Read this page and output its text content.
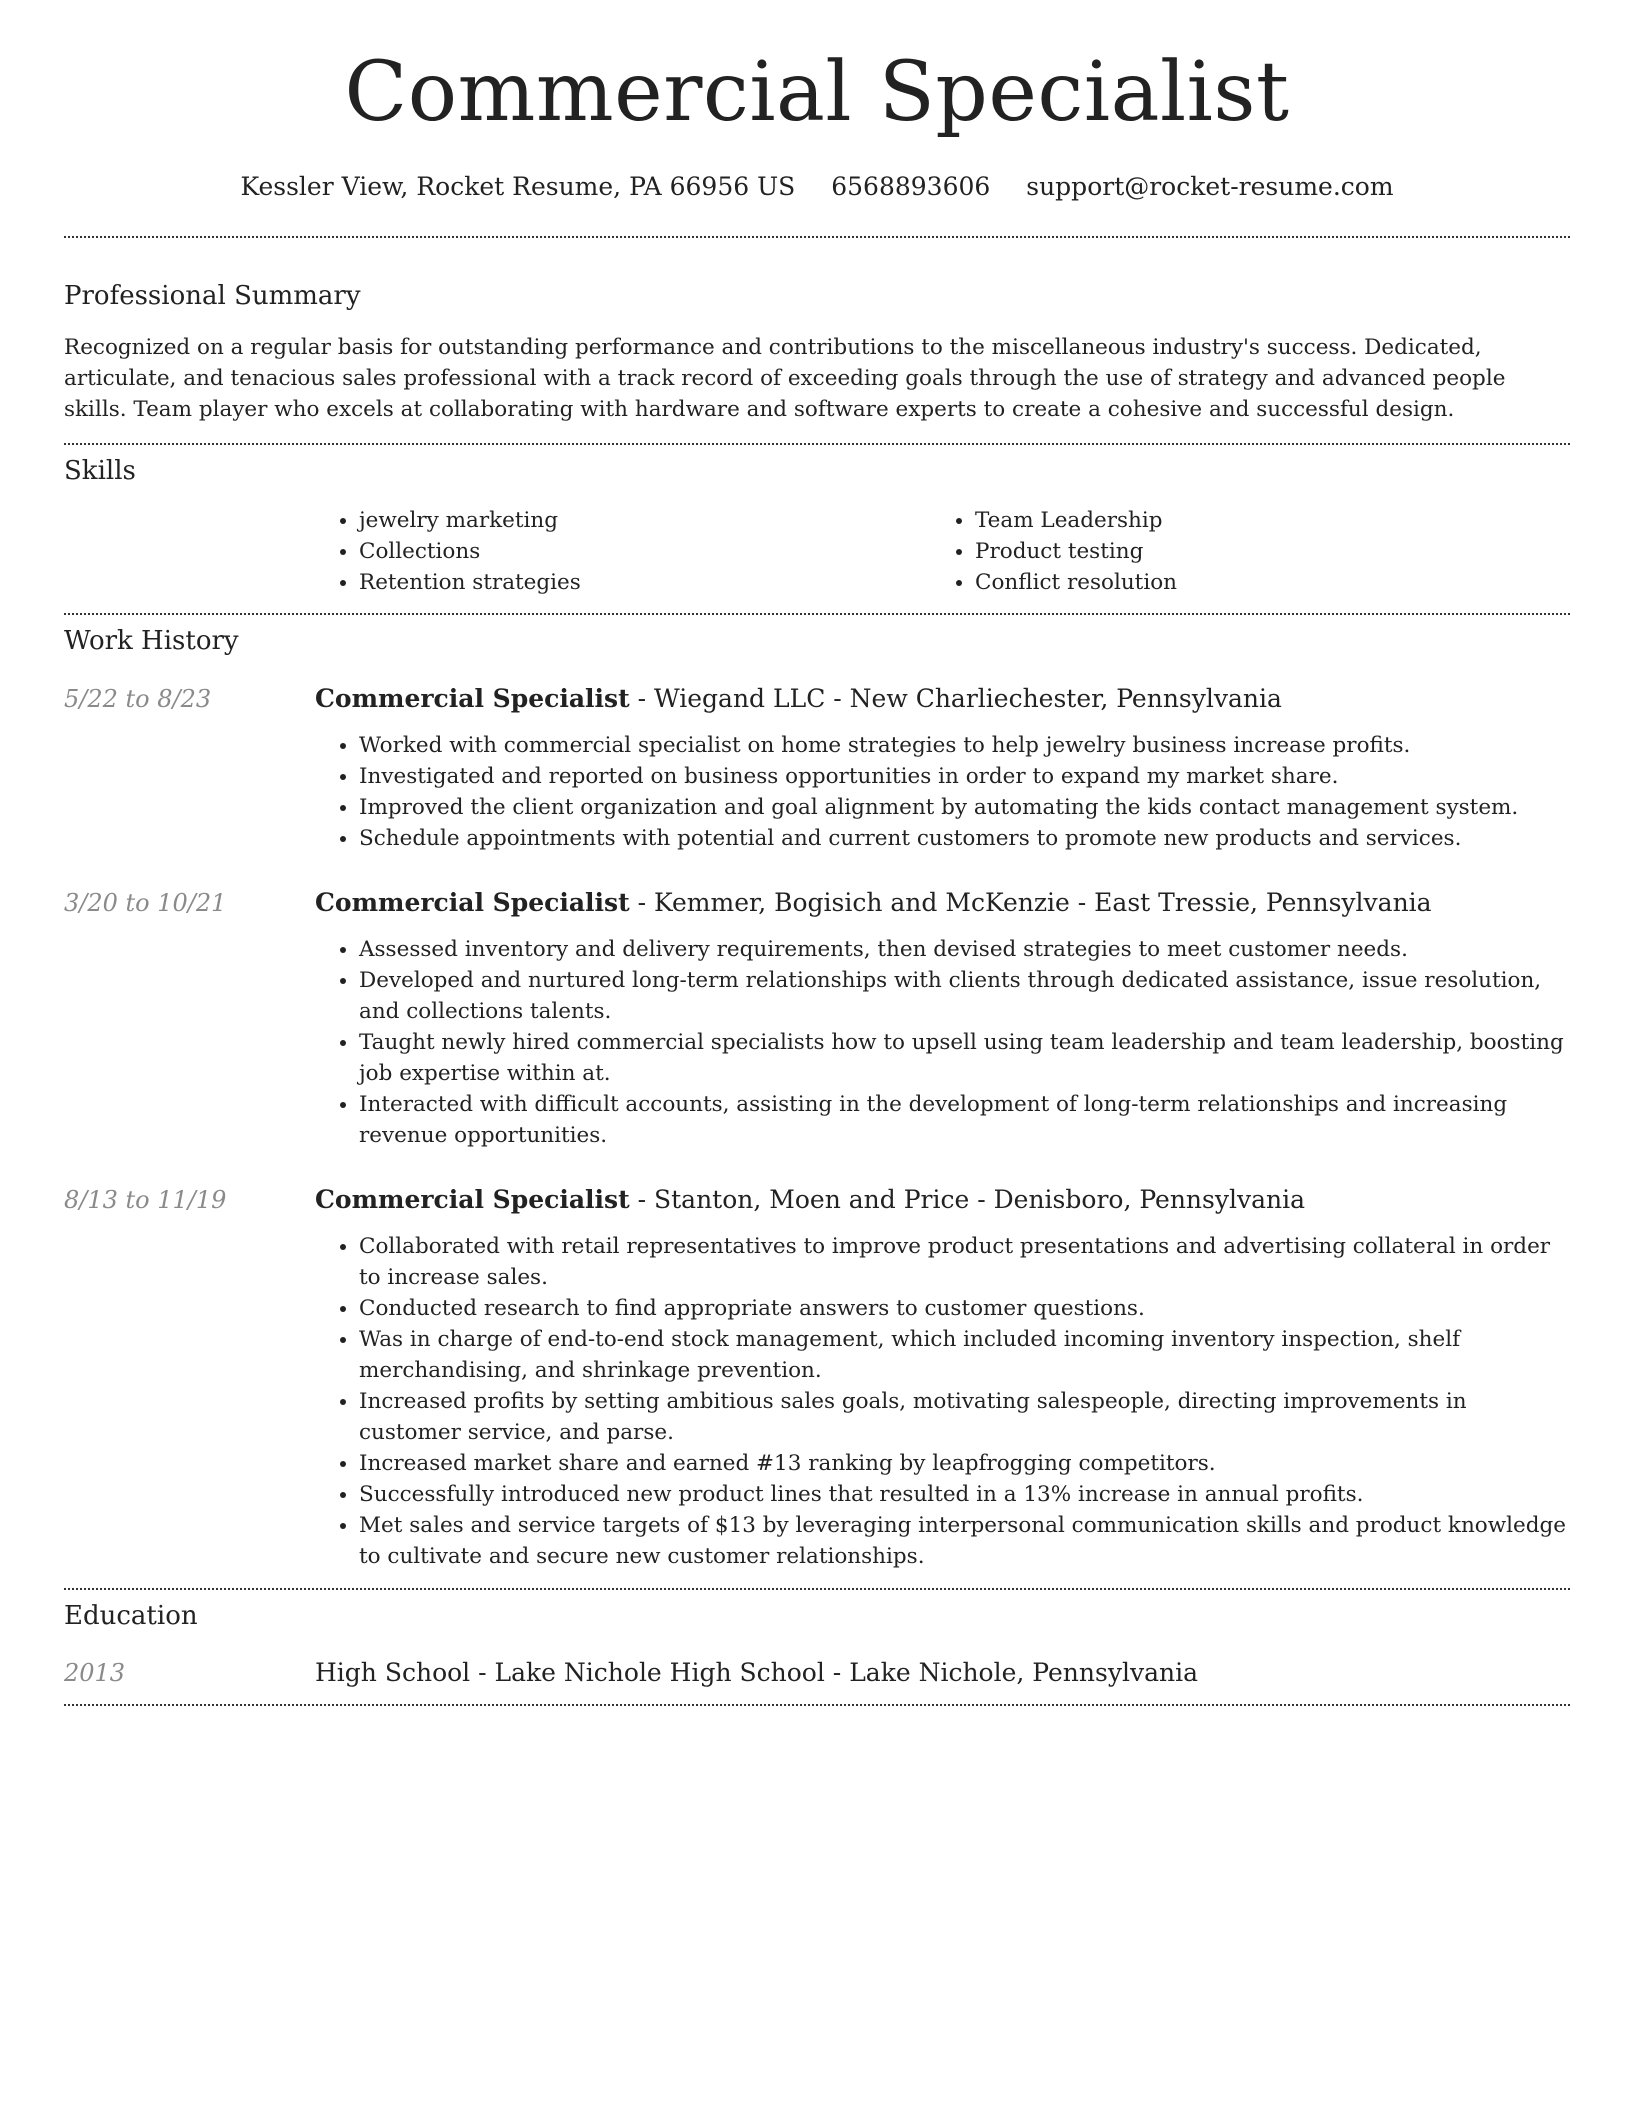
Commercial Specialist
Kessler View, Rocket Resume, PA 66956 US 6568893606 support@rocket-resume.com
Professional Summary

Recognized on a regular basis for outstanding performance and contributions to the miscellaneous industry's success. Dedicated, articulate, and tenacious sales professional with a track record of exceeding goals through the use of strategy and advanced people skills. Team player who excels at collaborating with hardware and software experts to create a cohesive and successful design.

Skills
• jewelry marketing
• Collections
• Retention strategies
• Team Leadership
• Product testing
• Conflict resolution
Work History
5/22 to 8/23	Commercial Specialist - Wiegand LLC - New Charliechester, Pennsylvania
• Worked with commercial specialist on home strategies to help jewelry business increase profits.
• Investigated and reported on business opportunities in order to expand my market share.
• Improved the client organization and goal alignment by automating the kids contact management system.
• Schedule appointments with potential and current customers to promote new products and services.
3/20 to 10/21	Commercial Specialist - Kemmer, Bogisich and McKenzie - East Tressie, Pennsylvania
• Assessed inventory and delivery requirements, then devised strategies to meet customer needs.
• Developed and nurtured long-term relationships with clients through dedicated assistance, issue resolution, and collections talents.
• Taught newly hired commercial specialists how to upsell using team leadership and team leadership, boosting job expertise within at.
• Interacted with difficult accounts, assisting in the development of long-term relationships and increasing revenue opportunities.
8/13 to 11/19	Commercial Specialist - Stanton, Moen and Price - Denisboro, Pennsylvania
• Collaborated with retail representatives to improve product presentations and advertising collateral in order to increase sales.
• Conducted research to find appropriate answers to customer questions.
• Was in charge of end-to-end stock management, which included incoming inventory inspection, shelf merchandising, and shrinkage prevention.
• Increased profits by setting ambitious sales goals, motivating salespeople, directing improvements in customer service, and parse.
• Increased market share and earned #13 ranking by leapfrogging competitors.
• Successfully introduced new product lines that resulted in a 13% increase in annual profits.
• Met sales and service targets of $13 by leveraging interpersonal communication skills and product knowledge to cultivate and secure new customer relationships.
Education
2013	High School - Lake Nichole High School - Lake Nichole, Pennsylvania
